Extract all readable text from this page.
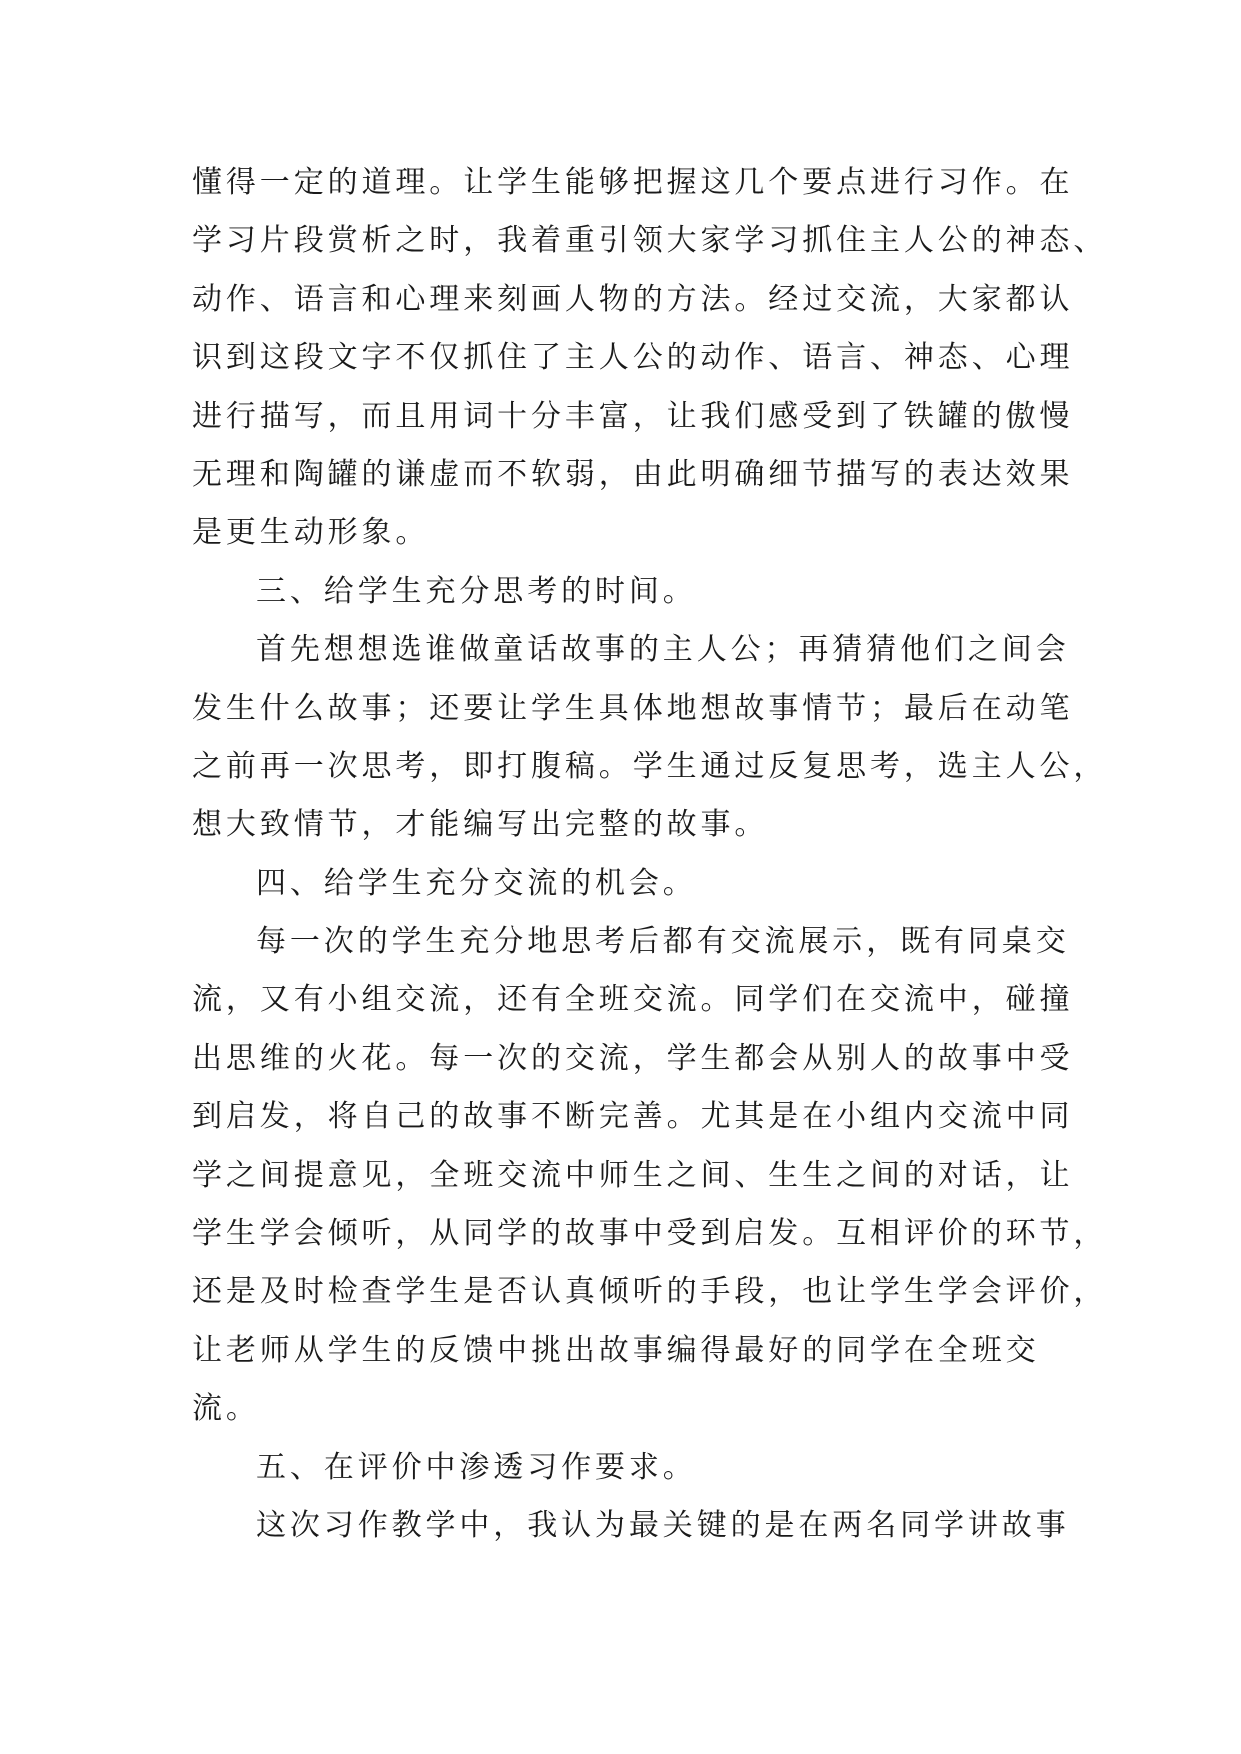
懂得一定的道理。让学生能够把握这几个要点进行习作。在
学习片段赏析之时，我着重引领大家学习抓住主人公的神态、
动作、语言和心理来刻画人物的方法。经过交流，大家都认
识到这段文字不仅抓住了主人公的动作、语言、神态、心理
进行描写，而且用词十分丰富，让我们感受到了铁罐的傲慢
无理和陶罐的谦虚而不软弱，由此明确细节描写的表达效果
是更生动形象。
三、给学生充分思考的时间。
首先想想选谁做童话故事的主人公；再猜猜他们之间会
发生什么故事；还要让学生具体地想故事情节；最后在动笔
之前再一次思考，即打腹稿。学生通过反复思考，选主人公，
想大致情节，才能编写出完整的故事。
四、给学生充分交流的机会。
每一次的学生充分地思考后都有交流展示，既有同桌交
流，又有小组交流，还有全班交流。同学们在交流中，碰撞
出思维的火花。每一次的交流，学生都会从别人的故事中受
到启发，将自己的故事不断完善。尤其是在小组内交流中同
学之间提意见，全班交流中师生之间、生生之间的对话，让
学生学会倾听，从同学的故事中受到启发。互相评价的环节，
还是及时检查学生是否认真倾听的手段，也让学生学会评价，
让老师从学生的反馈中挑出故事编得最好的同学在全班交
流。
五、在评价中渗透习作要求。
这次习作教学中，我认为最关键的是在两名同学讲故事
